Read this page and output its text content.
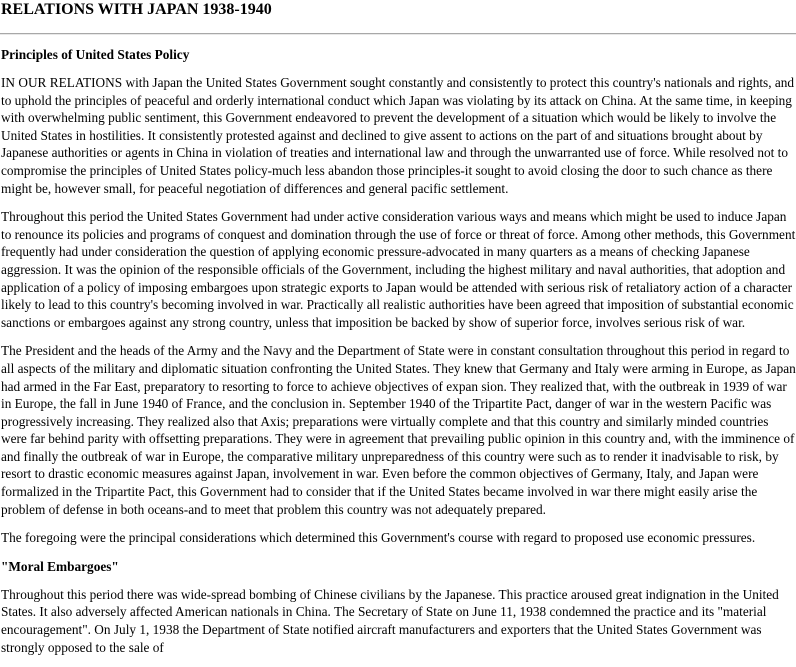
RELATIONS WITH JAPAN 1938-1940
Principles of United States Policy

IN OUR RELATIONS with Japan the United States Government sought constantly and consistently to protect this country's nationals and rights, and to uphold the principles of peaceful and orderly international conduct which Japan was violating by its attack on China. At the same time, in keeping with overwhelming public sentiment, this Government endeavored to prevent the development of a situation which would be likely to involve the United States in hostilities. It consistently protested against and declined to give assent to actions on the part of and situations brought about by Japanese authorities or agents in China in violation of treaties and international law and through the unwarranted use of force. While resolved not to compromise the principles of United States policy-much less abandon those principles-it sought to avoid closing the door to such chance as there might be, however small, for peaceful negotiation of differences and general pacific settlement.

Throughout this period the United States Government had under active consideration various ways and means which might be used to induce Japan to renounce its policies and programs of conquest and domination through the use of force or threat of force. Among other methods, this Government frequently had under consideration the question of applying economic pressure-advocated in many quarters as a means of checking Japanese aggression. It was the opinion of the responsible officials of the Government, including the highest military and naval authorities, that adoption and application of a policy of imposing embargoes upon strategic exports to Japan would be attended with serious risk of retaliatory action of a character likely to lead to this country's becoming involved in war. Practically all realistic authorities have been agreed that imposition of substantial economic sanctions or embargoes against any strong country, unless that imposition be backed by show of superior force, involves serious risk of war.

The President and the heads of the Army and the Navy and the Department of State were in constant consultation throughout this period in regard to all aspects of the military and diplomatic situation confronting the United States. They knew that Germany and Italy were arming in Europe, as Japan had armed in the Far East, preparatory to resorting to force to achieve objectives of expan sion. They realized that, with the outbreak in 1939 of war in Europe, the fall in June 1940 of France, and the conclusion in. September 1940 of the Tripartite Pact, danger of war in the western Pacific was progressively increasing. They realized also that Axis; preparations were virtually complete and that this country and similarly minded countries were far behind parity with offsetting preparations. They were in agreement that prevailing public opinion in this country and, with the imminence of and finally the outbreak of war in Europe, the comparative military unpreparedness of this country were such as to render it inadvisable to risk, by resort to drastic economic measures against Japan, involvement in war. Even before the common objectives of Germany, Italy, and Japan were formalized in the Tripartite Pact, this Government had to consider that if the United States became involved in war there might easily arise the problem of defense in both oceans-and to meet that problem this country was not adequately prepared.

The foregoing were the principal considerations which determined this Government's course with regard to proposed use economic pressures.

"Moral Embargoes"

Throughout this period there was wide-spread bombing of Chinese civilians by the Japanese. This practice aroused great indignation in the United States. It also adversely affected American nationals in China. The Secretary of State on June 11, 1938 condemned the practice and its "material encouragement". On July 1, 1938 the Department of State notified aircraft manufacturers and exporters that the United States Government was strongly opposed to the sale of
